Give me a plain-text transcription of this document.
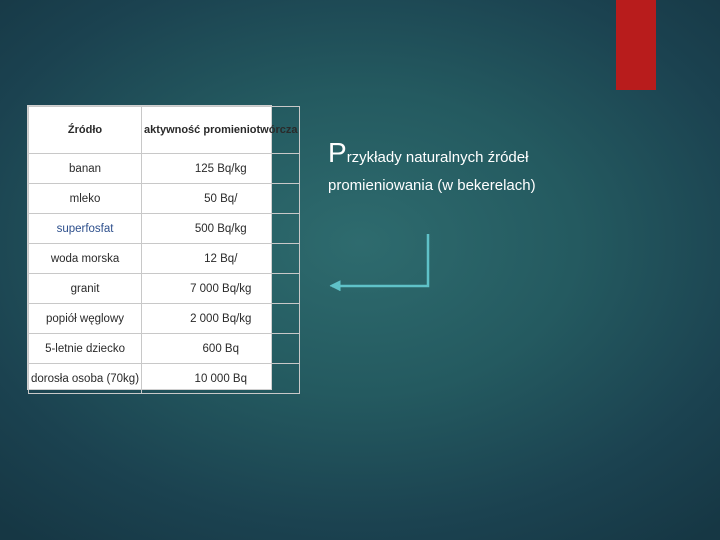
Źródło	aktywność promieniotwórcza
banan	125 Bq/kg
mleko	50 Bq/
superfosfat	500 Bq/kg
woda morska	12 Bq/
granit	7 000 Bq/kg
popiół węglowy	2 000 Bq/kg
5-letnie dziecko	600 Bq
dorosła osoba (70kg)	10 000 Bq
Przykłady naturalnych źródeł
promieniowania (w bekerelach)
